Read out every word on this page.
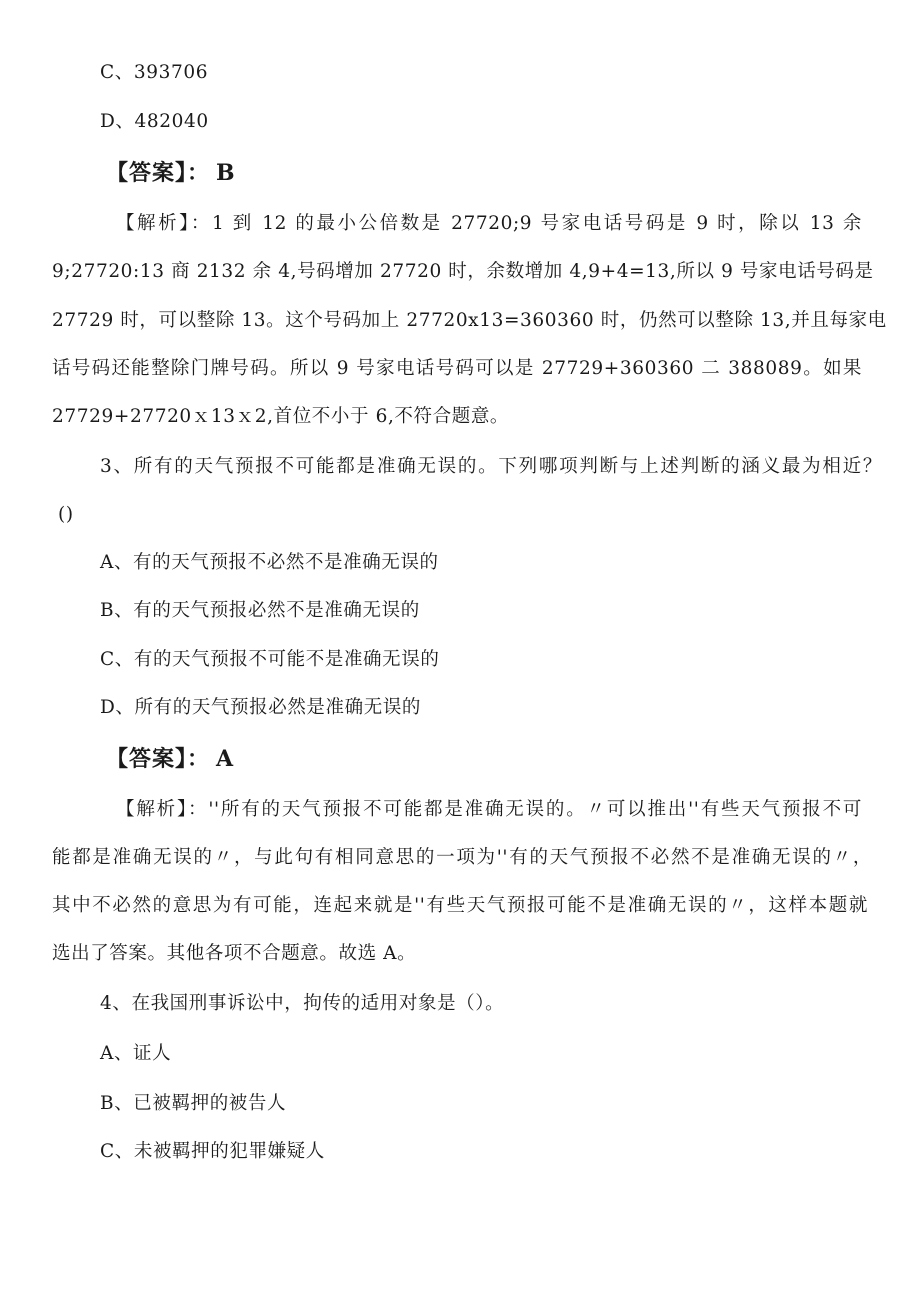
C、393706
D、482040
【答案】： B
【解析】：1 到 12 的最小公倍数是 27720;9 号家电话号码是 9 时，除以 13 余
9;27720:13 商 2132 余 4,号码增加 27720 时，余数增加 4,9+4=13,所以 9 号家电话号码是
27729 时，可以整除 13。这个号码加上 27720x13=360360 时，仍然可以整除 13,并且每家电
话号码还能整除门牌号码。所以 9 号家电话号码可以是 27729+360360 二 388089。如果
27729+27720ｘ13ｘ2,首位不小于 6,不符合题意。
3、所有的天气预报不可能都是准确无误的。下列哪项判断与上述判断的涵义最为相近？
()
A、有的天气预报不必然不是准确无误的
B、有的天气预报必然不是准确无误的
C、有的天气预报不可能不是准确无误的
D、所有的天气预报必然是准确无误的
【答案】： A
【解析】：''所有的天气预报不可能都是准确无误的。〃可以推出''有些天气预报不可
能都是准确无误的〃，与此句有相同意思的一项为''有的天气预报不必然不是准确无误的〃，
其中不必然的意思为有可能，连起来就是''有些天气预报可能不是准确无误的〃，这样本题就
选出了答案。其他各项不合题意。故选 A。
4、在我国刑事诉讼中，拘传的适用对象是（）。
A、证人
B、已被羁押的被告人
C、未被羁押的犯罪嫌疑人
